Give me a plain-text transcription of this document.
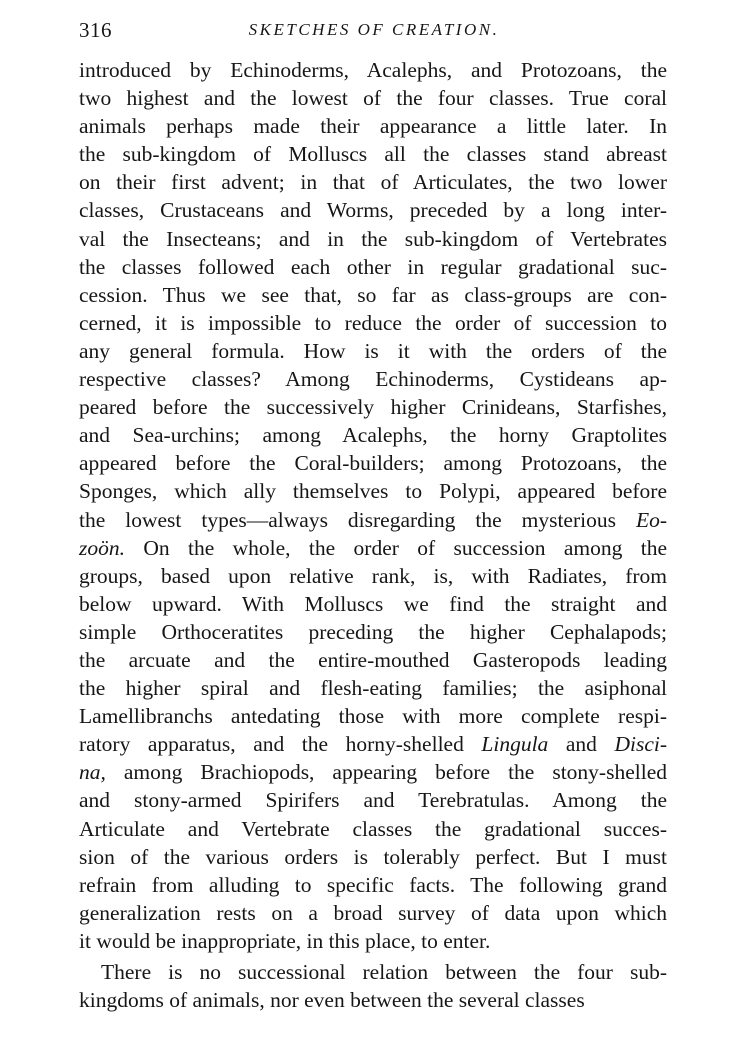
316	SKETCHES OF CREATION.

introduced by Echinoderms, Acalephs, and Protozoans, the
two highest and the lowest of the four classes. True coral
animals perhaps made their appearance a little later. In
the sub-kingdom of Molluscs all the classes stand abreast
on their first advent; in that of Articulates, the two lower
classes, Crustaceans and Worms, preceded by a long inter-
val the Insecteans; and in the sub-kingdom of Vertebrates
the classes followed each other in regular gradational suc-
cession. Thus we see that, so far as class-groups are con-
cerned, it is impossible to reduce the order of succession to
any general formula. How is it with the orders of the
respective classes? Among Echinoderms, Cystideans ap-
peared before the successively higher Crinideans, Starfishes,
and Sea-urchins; among Acalephs, the horny Graptolites
appeared before the Coral-builders; among Protozoans, the
Sponges, which ally themselves to Polypi, appeared before
the lowest types—always disregarding the mysterious Eo-
zoön. On the whole, the order of succession among the
groups, based upon relative rank, is, with Radiates, from
below upward. With Molluscs we find the straight and
simple Orthoceratites preceding the higher Cephalapods;
the arcuate and the entire-mouthed Gasteropods leading
the higher spiral and flesh-eating families; the asiphonal
Lamellibranchs antedating those with more complete respi-
ratory apparatus, and the horny-shelled Lingula and Disci-
na, among Brachiopods, appearing before the stony-shelled
and stony-armed Spirifers and Terebratulas. Among the
Articulate and Vertebrate classes the gradational succes-
sion of the various orders is tolerably perfect. But I must
refrain from alluding to specific facts. The following grand
generalization rests on a broad survey of data upon which
it would be inappropriate, in this place, to enter.

There is no successional relation between the four sub-
kingdoms of animals, nor even between the several classes
